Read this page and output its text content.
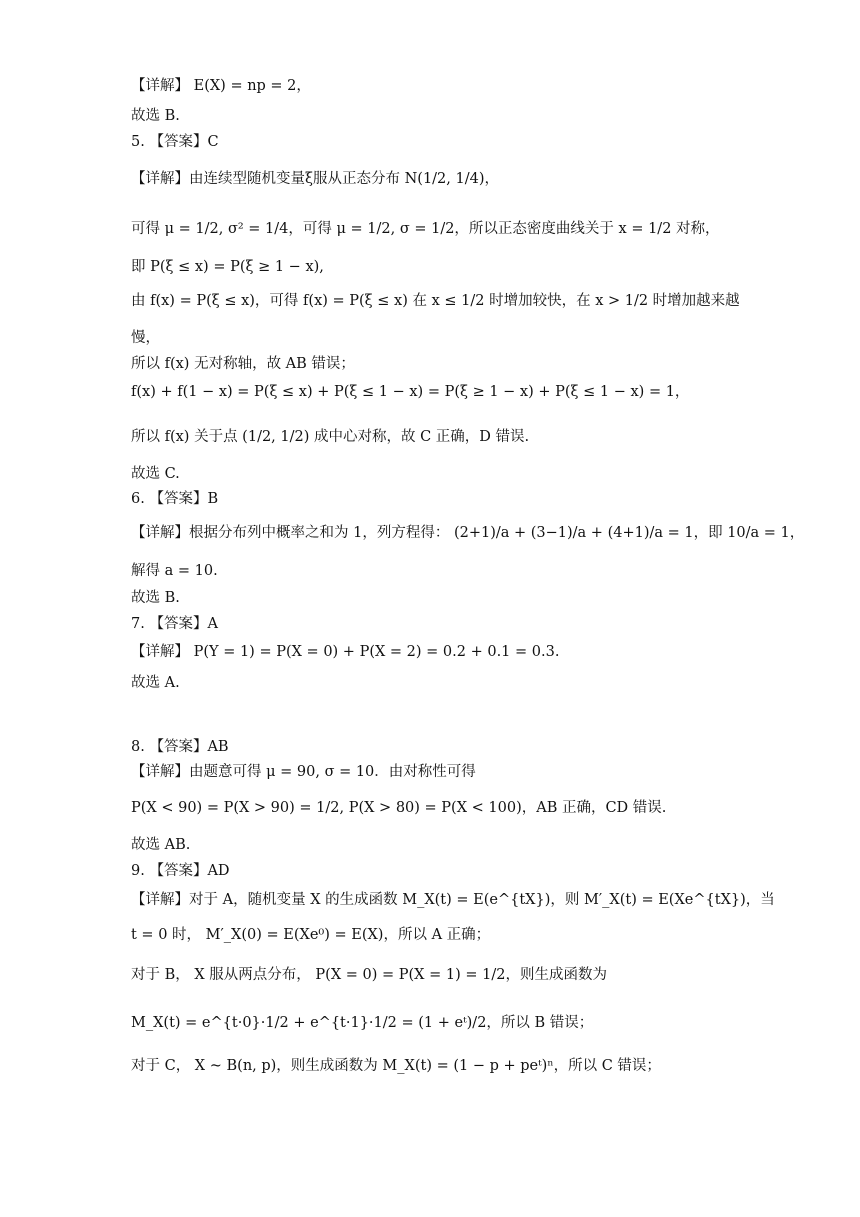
【详解】 E(X) = np = 2，
故选 B.
5. 【答案】C
【详解】由连续型随机变量ξ服从正态分布 N(1/2, 1/4)，
可得 μ = 1/2, σ² = 1/4，可得 μ = 1/2, σ = 1/2，所以正态密度曲线关于 x = 1/2 对称，
即 P(ξ ≤ x) = P(ξ ≥ 1 − x),
由 f(x) = P(ξ ≤ x)，可得 f(x) = P(ξ ≤ x) 在 x ≤ 1/2 时增加较快，在 x > 1/2 时增加越来越
慢，
所以 f(x) 无对称轴，故 AB 错误；
f(x) + f(1 − x) = P(ξ ≤ x) + P(ξ ≤ 1 − x) = P(ξ ≥ 1 − x) + P(ξ ≤ 1 − x) = 1，
所以 f(x) 关于点 (1/2, 1/2) 成中心对称，故 C 正确，D 错误.
故选 C.
6. 【答案】B
【详解】根据分布列中概率之和为 1，列方程得： (2+1)/a + (3−1)/a + (4+1)/a = 1，即 10/a = 1，
解得 a = 10.
故选 B.
7. 【答案】A
【详解】 P(Y = 1) = P(X = 0) + P(X = 2) = 0.2 + 0.1 = 0.3.
故选 A.
8. 【答案】AB
【详解】由题意可得 μ = 90, σ = 10．由对称性可得
P(X < 90) = P(X > 90) = 1/2, P(X > 80) = P(X < 100)，AB 正确，CD 错误.
故选 AB.
9. 【答案】AD
【详解】对于 A，随机变量 X 的生成函数 M_X(t) = E(e^{tX})，则 M′_X(t) = E(Xe^{tX})，当
t = 0 时， M′_X(0) = E(Xe⁰) = E(X)，所以 A 正确；
对于 B， X 服从两点分布， P(X = 0) = P(X = 1) = 1/2，则生成函数为
M_X(t) = e^{t·0}·1/2 + e^{t·1}·1/2 = (1 + eᵗ)/2，所以 B 错误；
对于 C， X ~ B(n, p)，则生成函数为 M_X(t) = (1 − p + peᵗ)ⁿ，所以 C 错误；
